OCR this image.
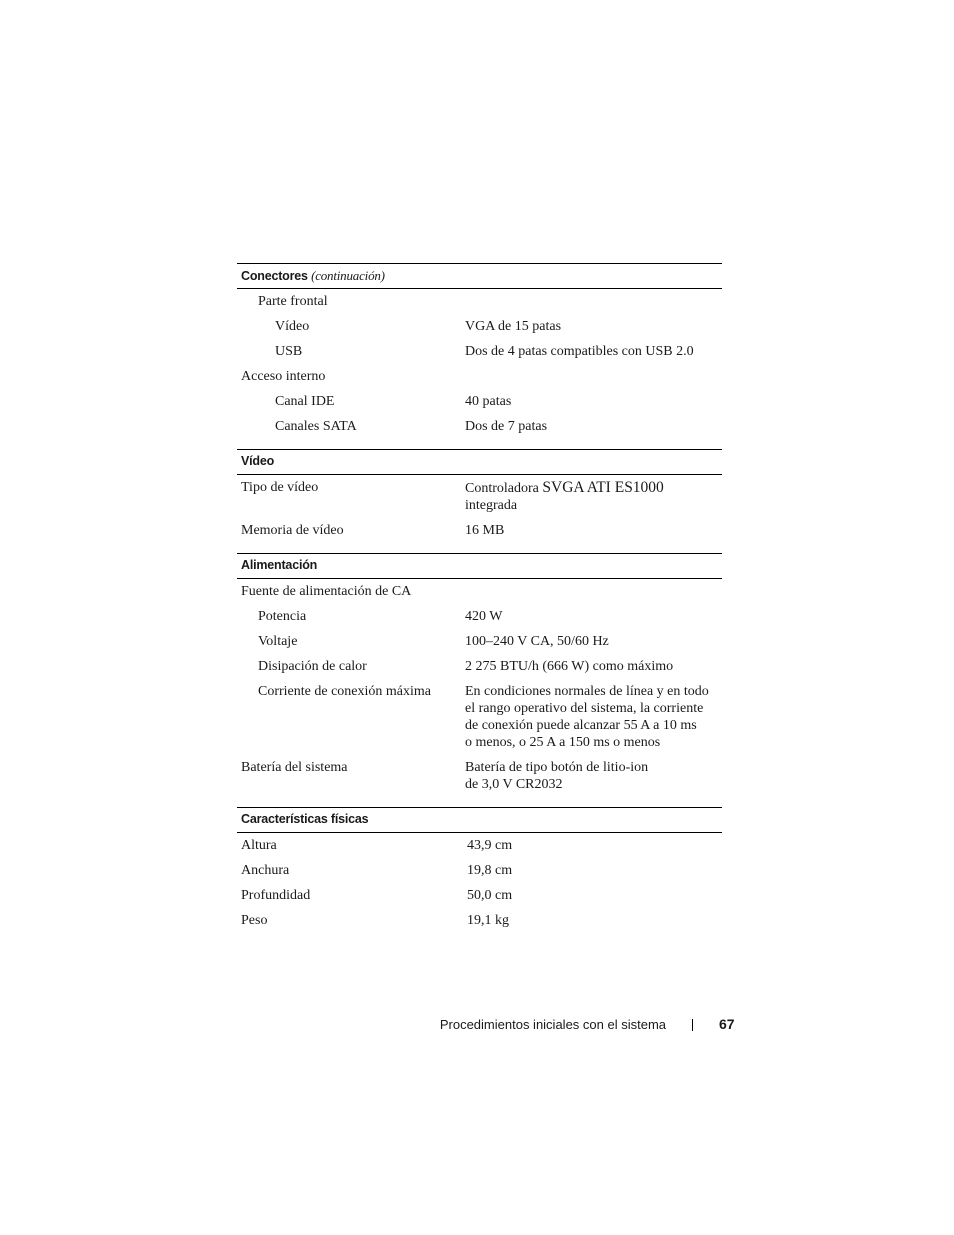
Conectores (continuación)
Parte frontal
Vídeo	VGA de 15 patas
USB	Dos de 4 patas compatibles con USB 2.0
Acceso interno
Canal IDE	40 patas
Canales SATA	Dos de 7 patas
Vídeo
Tipo de vídeo	Controladora SVGA ATI ES1000
integrada
Memoria de vídeo	16 MB
Alimentación
Fuente de alimentación de CA
Potencia	420 W
Voltaje	100–240 V CA, 50/60 Hz
Disipación de calor	2 275 BTU/h (666 W) como máximo
Corriente de conexión máxima	En condiciones normales de línea y en todo
el rango operativo del sistema, la corriente
de conexión puede alcanzar 55 A a 10 ms
o menos, o 25 A a 150 ms o menos
Batería del sistema	Batería de tipo botón de litio-ion
de 3,0 V CR2032
Características físicas
Altura	43,9 cm
Anchura	19,8 cm
Profundidad	50,0 cm
Peso	19,1 kg
Procedimientos iniciales con el sistema	67
